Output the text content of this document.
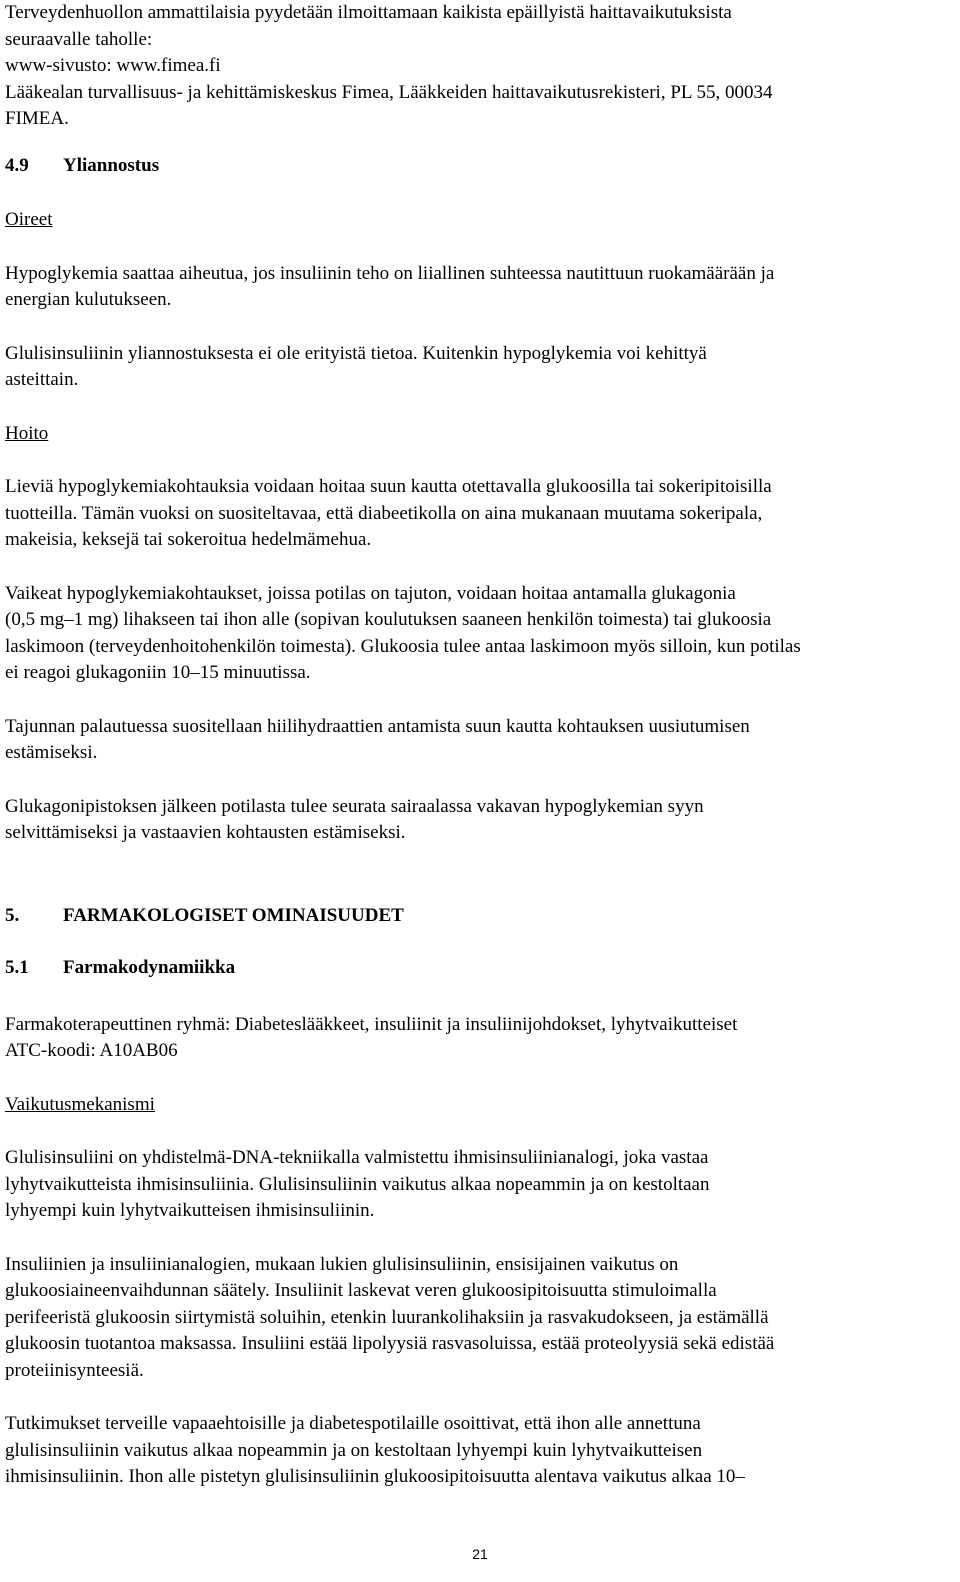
Terveydenhuollon ammattilaisia pyydetään ilmoittamaan kaikista epäillyistä haittavaikutuksista
seuraavalle taholle:
www-sivusto: www.fimea.fi
Lääkealan turvallisuus- ja kehittämiskeskus Fimea, Lääkkeiden haittavaikutusrekisteri, PL 55, 00034
FIMEA.
4.9 Yliannostus
Oireet
Hypoglykemia saattaa aiheutua, jos insuliinin teho on liiallinen suhteessa nautittuun ruokamäärään ja
energian kulutukseen.
Glulisinsuliinin yliannostuksesta ei ole erityistä tietoa. Kuitenkin hypoglykemia voi kehittyä
asteittain.
Hoito
Lieviä hypoglykemiakohtauksia voidaan hoitaa suun kautta otettavalla glukoosilla tai sokeripitoisilla
tuotteilla. Tämän vuoksi on suositeltavaa, että diabeetikolla on aina mukanaan muutama sokeripala,
makeisia, keksejä tai sokeroitua hedelmämehua.
Vaikeat hypoglykemiakohtaukset, joissa potilas on tajuton, voidaan hoitaa antamalla glukagonia
(0,5 mg–1 mg) lihakseen tai ihon alle (sopivan koulutuksen saaneen henkilön toimesta) tai glukoosia
laskimoon (terveydenhoitohenkilön toimesta). Glukoosia tulee antaa laskimoon myös silloin, kun potilas
ei reagoi glukagoniin 10–15 minuutissa.
Tajunnan palautuessa suositellaan hiilihydraattien antamista suun kautta kohtauksen uusiutumisen
estämiseksi.
Glukagonipistoksen jälkeen potilasta tulee seurata sairaalassa vakavan hypoglykemian syyn
selvittämiseksi ja vastaavien kohtausten estämiseksi.
5. FARMAKOLOGISET OMINAISUUDET
5.1 Farmakodynamiikka
Farmakoterapeuttinen ryhmä: Diabeteslääkkeet, insuliinit ja insuliinijohdokset, lyhytvaikutteiset
ATC-koodi: A10AB06
Vaikutusmekanismi
Glulisinsuliini on yhdistelmä-DNA-tekniikalla valmistettu ihmisinsuliinianalogi, joka vastaa
lyhytvaikutteista ihmisinsuliinia. Glulisinsuliinin vaikutus alkaa nopeammin ja on kestoltaan
lyhyempi kuin lyhytvaikutteisen ihmisinsuliinin.
Insuliinien ja insuliinianalogien, mukaan lukien glulisinsuliinin, ensisijainen vaikutus on
glukoosiaineenvaihdunnan säätely. Insuliinit laskevat veren glukoosipitoisuutta stimuloimalla
perifeeristä glukoosin siirtymistä soluihin, etenkin luurankolihaksiin ja rasvakudokseen, ja estämällä
glukoosin tuotantoa maksassa. Insuliini estää lipolyysiä rasvasoluissa, estää proteolyysiä sekä edistää
proteiinisynteesiä.
Tutkimukset terveille vapaaehtoisille ja diabetespotilaille osoittivat, että ihon alle annettuna
glulisinsuliinin vaikutus alkaa nopeammin ja on kestoltaan lyhyempi kuin lyhytvaikutteisen
ihmisinsuliinin. Ihon alle pistetyn glulisinsuliinin glukoosipitoisuutta alentava vaikutus alkaa 10–
21
